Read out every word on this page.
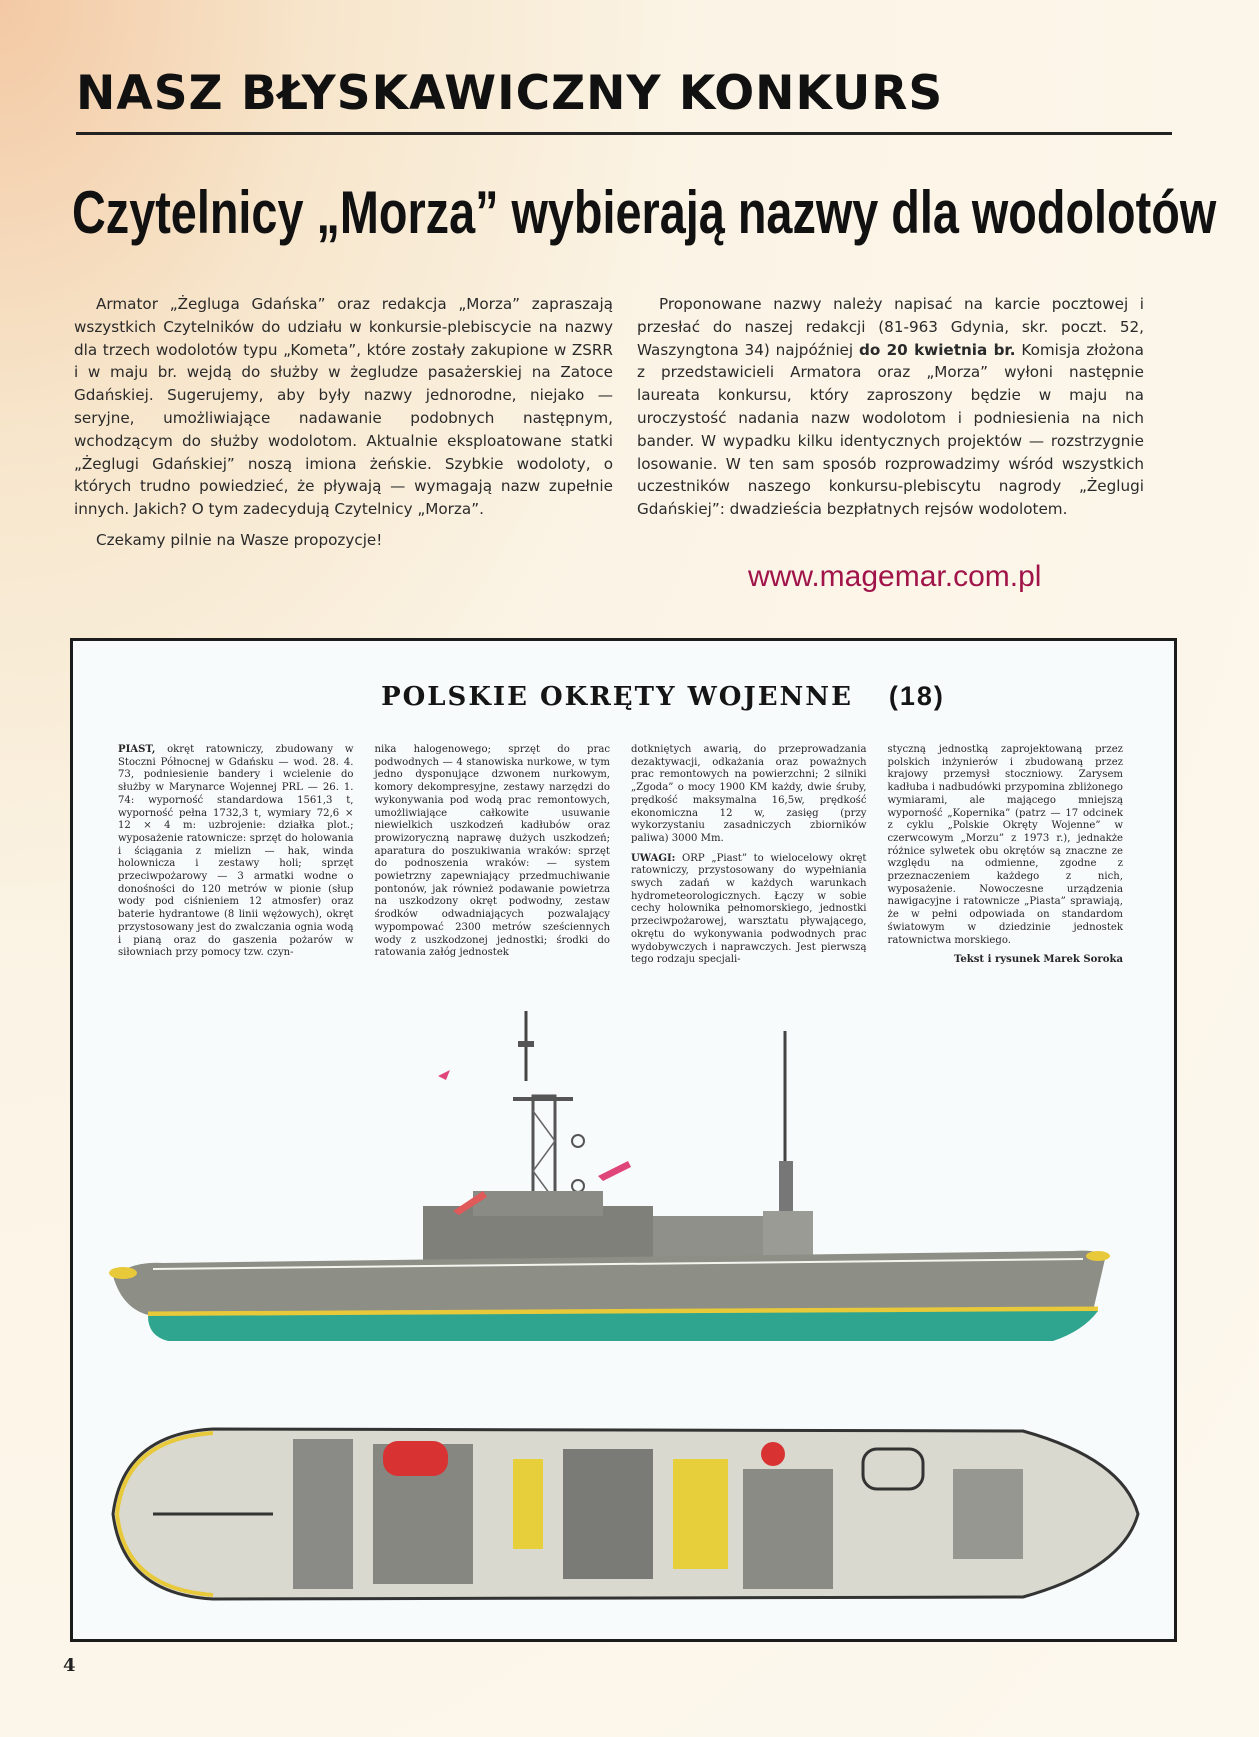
NASZ BŁYSKAWICZNY KONKURS
Czytelnicy „Morza” wybierają nazwy dla wodolotów

Armator „Żegluga Gdańska” oraz redakcja „Morza” zapraszają wszystkich Czytelników do udziału w konkursie-plebiscycie na nazwy dla trzech wodolotów typu „Kometa”, które zostały zakupione w ZSRR i w maju br. wejdą do służby w żegludze pasażerskiej na Zatoce Gdańskiej. Sugerujemy, aby były nazwy jednorodne, niejako — seryjne, umożliwiające nadawanie podobnych następnym, wchodzącym do służby wodolotom. Aktualnie eksploatowane statki „Żeglugi Gdańskiej” noszą imiona żeńskie. Szybkie wodoloty, o których trudno powiedzieć, że pływają — wymagają nazw zupełnie innych. Jakich? O tym zadecydują Czytelnicy „Morza”.

Czekamy pilnie na Wasze propozycje!

Proponowane nazwy należy napisać na karcie pocztowej i przesłać do naszej redakcji (81-963 Gdynia, skr. poczt. 52, Waszyngtona 34) najpóźniej do 20 kwietnia br. Komisja złożona z przedstawicieli Armatora oraz „Morza” wyłoni następnie laureata konkursu, który zaproszony będzie w maju na uroczystość nadania nazw wodolotom i podniesienia na nich bander. W wypadku kilku identycznych projektów — rozstrzygnie losowanie. W ten sam sposób rozprowadzimy wśród wszystkich uczestników naszego konkursu-plebiscytu nagrody „Żeglugi Gdańskiej”: dwadzieścia bezpłatnych rejsów wodolotem.

www.magemar.com.pl
POLSKIE OKRĘTY WOJENNE (18)

PIAST, okręt ratowniczy, zbudowany w Stoczni Północnej w Gdańsku — wod. 28. 4. 73, podniesienie bandery i wcielenie do służby w Marynarce Wojennej PRL — 26. 1. 74: wyporność standardowa 1561,3 t, wyporność pełna 1732,3 t, wymiary 72,6 × 12 × 4 m: uzbrojenie: działka plot.; wyposażenie ratownicze: sprzęt do holowania i ściągania z mielizn — hak, winda holownicza i zestawy holi; sprzęt przeciwpożarowy — 3 armatki wodne o donośności do 120 metrów w pionie (słup wody pod ciśnieniem 12 atmosfer) oraz baterie hydrantowe (8 linii wężowych), okręt przystosowany jest do zwalczania ognia wodą i pianą oraz do gaszenia pożarów w siłowniach przy pomocy tzw. czyn-

nika halogenowego; sprzęt do prac podwodnych — 4 stanowiska nurkowe, w tym jedno dysponujące dzwonem nurkowym, komory dekompresyjne, zestawy narzędzi do wykonywania pod wodą prac remontowych, umożliwiające całkowite usuwanie niewielkich uszkodzeń kadłubów oraz prowizoryczną naprawę dużych uszkodzeń; aparatura do poszukiwania wraków: sprzęt do podnoszenia wraków: — system powietrzny zapewniający przedmuchiwanie pontonów, jak również podawanie powietrza na uszkodzony okręt podwodny, zestaw środków odwadniających pozwalający wypompować 2300 metrów sześciennych wody z uszkodzonej jednostki; środki do ratowania załóg jednostek

dotkniętych awarią, do przeprowadzania dezaktywacji, odkażania oraz poważnych prac remontowych na powierzchni; 2 silniki „Zgoda” o mocy 1900 KM każdy, dwie śruby, prędkość maksymalna 16,5w, prędkość ekonomiczna 12 w, zasięg (przy wykorzystaniu zasadniczych zbiorników paliwa) 3000 Mm.

UWAGI: ORP „Piast” to wielocelowy okręt ratowniczy, przystosowany do wypełniania swych zadań w każdych warunkach hydrometeorologicznych. Łączy w sobie cechy holownika pełnomorskiego, jednostki przeciwpożarowej, warsztatu pływającego, okrętu do wykonywania podwodnych prac wydobywczych i naprawczych. Jest pierwszą tego rodzaju specjali-

styczną jednostką zaprojektowaną przez polskich inżynierów i zbudowaną przez krajowy przemysł stoczniowy. Zarysem kadłuba i nadbudówki przypomina zbliżonego wymiarami, ale mającego mniejszą wyporność „Kopernika” (patrz — 17 odcinek z cyklu „Polskie Okręty Wojenne” w czerwcowym „Morzu” z 1973 r.), jednakże różnice sylwetek obu okrętów są znaczne ze względu na odmienne, zgodne z przeznaczeniem każdego z nich, wyposażenie. Nowoczesne urządzenia nawigacyjne i ratownicze „Piasta” sprawiają, że w pełni odpowiada on standardom światowym w dziedzinie jednostek ratownictwa morskiego.

Tekst i rysunek Marek Soroka

4
